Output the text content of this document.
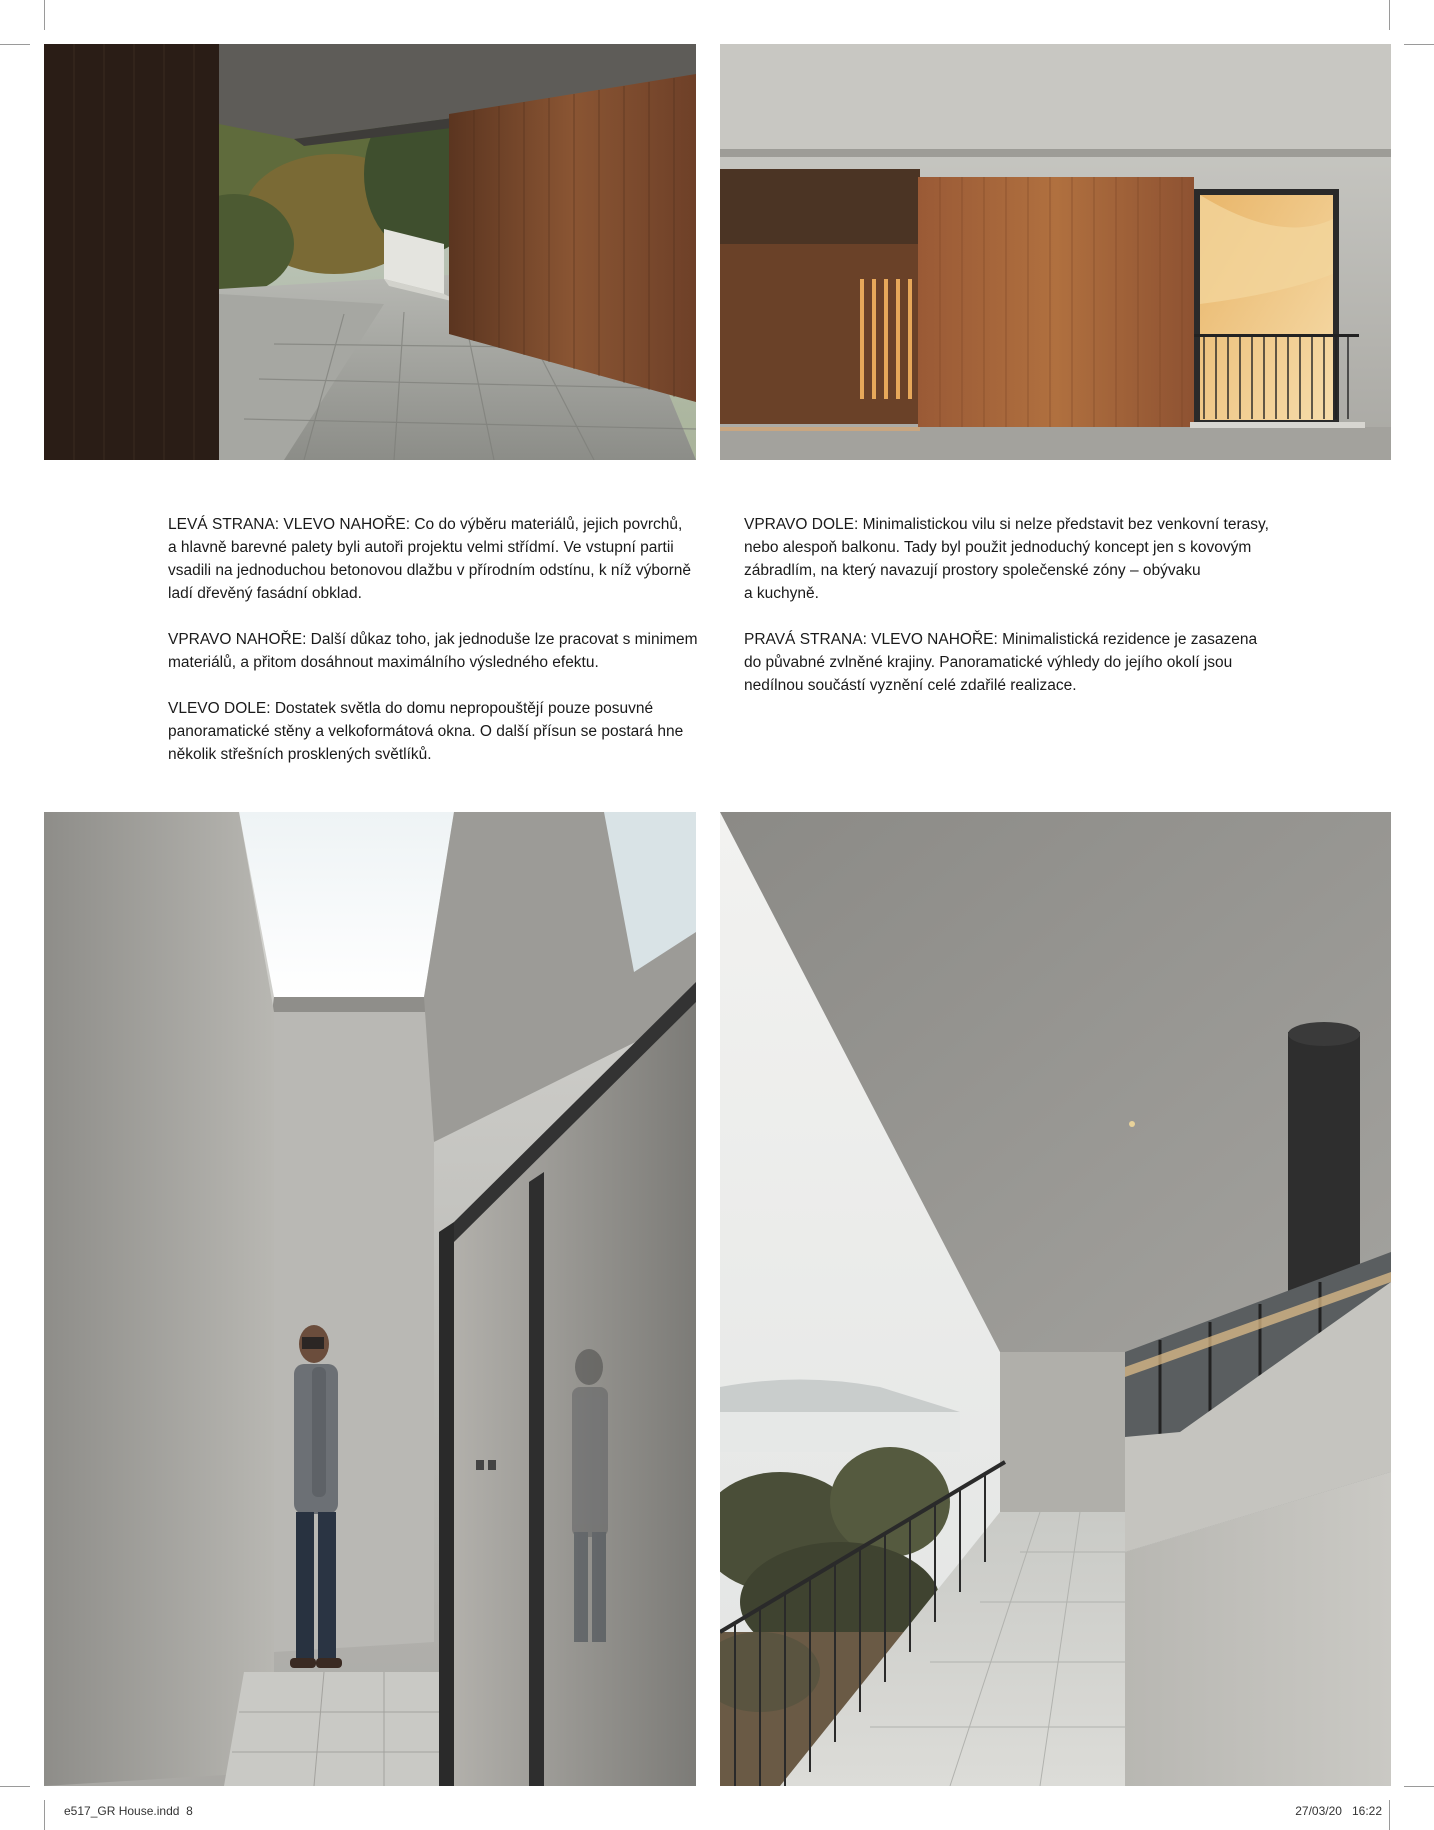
LEVÁ STRANA: VLEVO NAHOŘE: Co do výběru materiálů, jejich povrchů,
a hlavně barevné palety byli autoři projektu velmi střídmí. Ve vstupní partii
vsadili na jednoduchou betonovou dlažbu v přírodním odstínu, k níž výborně
ladí dřevěný fasádní obklad.

VPRAVO NAHOŘE: Další důkaz toho, jak jednoduše lze pracovat s minimem
materiálů, a přitom dosáhnout maximálního výsledného efektu.

VLEVO DOLE: Dostatek světla do domu nepropouštějí pouze posuvné
panoramatické stěny a velkoformátová okna. O další přísun se postará hne
několik střešních prosklených světlíků.

VPRAVO DOLE: Minimalistickou vilu si nelze představit bez venkovní terasy,
nebo alespoň balkonu. Tady byl použit jednoduchý koncept jen s kovovým
zábradlím, na který navazují prostory společenské zóny – obývaku
a kuchyně.

PRAVÁ STRANA: VLEVO NAHOŘE: Minimalistická rezidence je zasazena
do půvabné zvlněné krajiny. Panoramatické výhledy do jejího okolí jsou
nedílnou součástí vyznění celé zdařilé realizace.

e517_GR House.indd 8	27/03/20 16:22
